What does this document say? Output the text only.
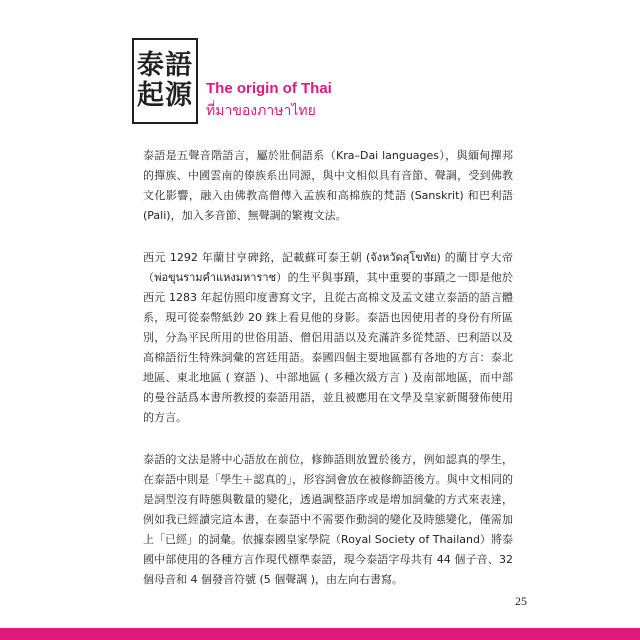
泰語
起源 The origin of Thai
ที่มาของภาษาไทย

泰語是五聲音階語言，屬於壯侗語系（Kra–Dai languages），與緬甸撣邦的撣族、中國雲南的傣族系出同源，與中文相似具有音節、聲調，受到佛教文化影響，融入由佛教高僧傳入孟族和高棉族的梵語 (Sanskrit) 和巴利語 (Pali)，加入多音節、無聲調的繁複文法。

西元 1292 年蘭甘亨碑銘，記載蘇可泰王朝 (จังหวัดสุโขทัย) 的蘭甘亨大帝（พ่อขุนรามคำแหงมหาราช）的生平與事蹟，其中重要的事蹟之一即是他於西元 1283 年起仿照印度書寫文字，且從古高棉文及孟文建立泰語的語言體系，現可從泰幣紙鈔 20 銖上看見他的身影。泰語也因使用者的身份有所區別，分為平民所用的世俗用語、僧侶用語以及充滿許多從梵語、巴利語以及高棉語衍生特殊詞彙的宮廷用語。泰國四個主要地區都有各地的方言：泰北地區、東北地區 ( 寮語 )、中部地區 ( 多種次級方言 ) 及南部地區，而中部的曼谷話爲本書所教授的泰語用語，並且被應用在文學及皇家新聞發佈使用的方言。

泰語的文法是將中心語放在前位，修飾語則放置於後方，例如認真的學生，在泰語中則是「學生＋認真的」，形容詞會放在被修飾語後方。與中文相同的是詞型沒有時態與數量的變化，透過調整語序或是增加詞彙的方式來表達，例如我已經讀完這本書，在泰語中不需要作動詞的變化及時態變化，僅需加上「已經」的詞彙。依據泰國皇家學院（Royal Society of Thailand）將泰國中部使用的各種方言作現代標準泰語，現今泰語字母共有 44 個子音、32 個母音和 4 個發音符號 (5 個聲調 )，由左向右書寫。

25
